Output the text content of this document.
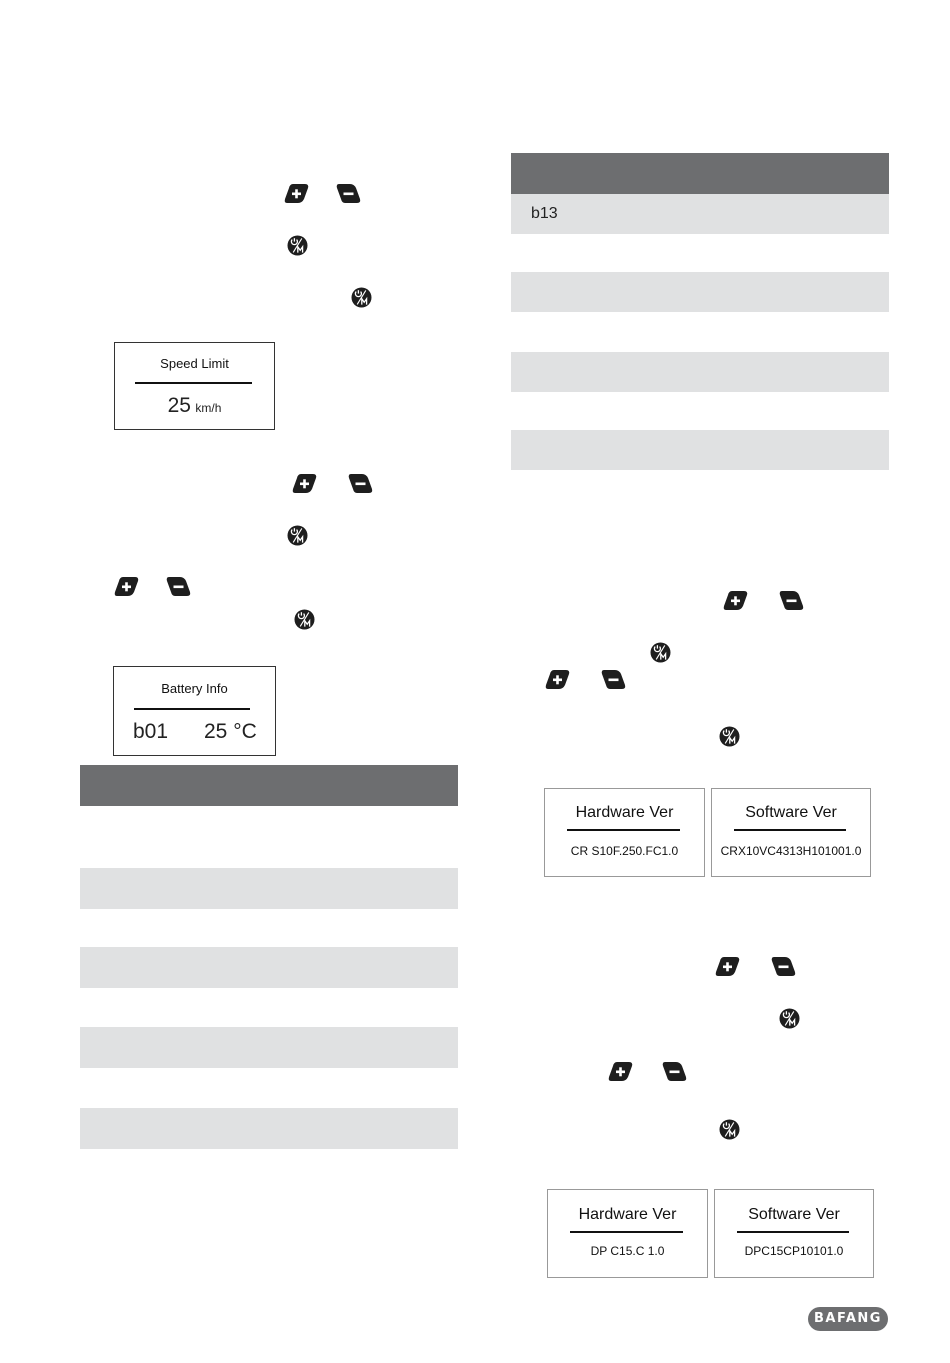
Speed Limit
25 km/h
Battery Info
b01 25 °C
b13
Hardware Ver
CR S10F.250.FC1.0
Software Ver
CRX10VC4313H101001.0
Hardware Ver
DP C15.C 1.0
Software Ver
DPC15CP10101.0
BAFANG
